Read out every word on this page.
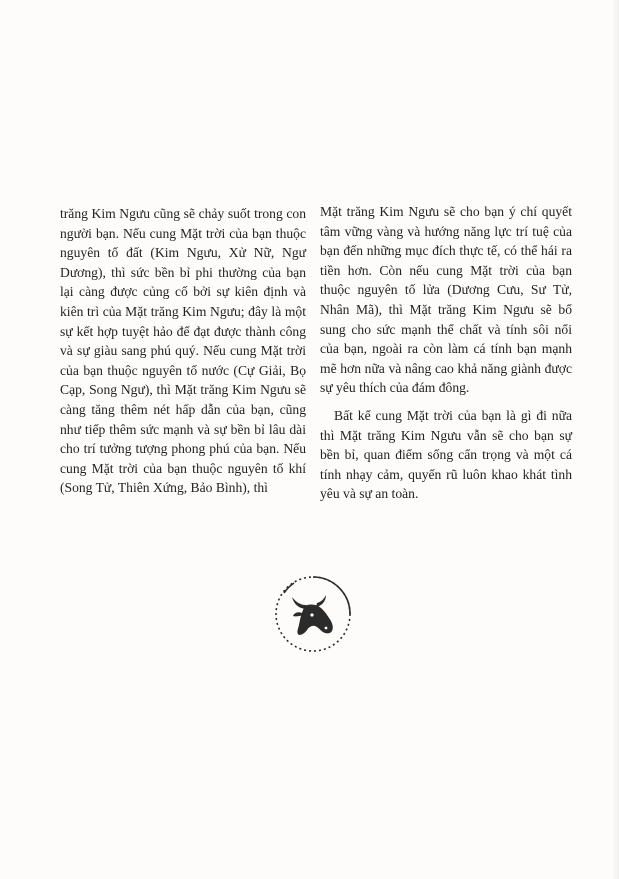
trăng Kim Ngưu cũng sẽ chảy suốt trong con người bạn. Nếu cung Mặt trời của bạn thuộc nguyên tố đất (Kim Ngưu, Xử Nữ, Ngư Dương), thì sức bền bỉ phi thường của bạn lại càng được củng cố bởi sự kiên định và kiên trì của Mặt trăng Kim Ngưu; đây là một sự kết hợp tuyệt hảo để đạt được thành công và sự giàu sang phú quý. Nếu cung Mặt trời của bạn thuộc nguyên tố nước (Cự Giải, Bọ Cạp, Song Ngư), thì Mặt trăng Kim Ngưu sẽ càng tăng thêm nét hấp dẫn của bạn, cũng như tiếp thêm sức mạnh và sự bền bỉ lâu dài cho trí tưởng tượng phong phú của bạn. Nếu cung Mặt trời của bạn thuộc nguyên tố khí (Song Tử, Thiên Xứng, Bảo Bình), thì

Mặt trăng Kim Ngưu sẽ cho bạn ý chí quyết tâm vững vàng và hướng năng lực trí tuệ của bạn đến những mục đích thực tế, có thể hái ra tiền hơn. Còn nếu cung Mặt trời của bạn thuộc nguyên tố lửa (Dương Cưu, Sư Tử, Nhân Mã), thì Mặt trăng Kim Ngưu sẽ bổ sung cho sức mạnh thể chất và tính sôi nổi của bạn, ngoài ra còn làm cá tính bạn mạnh mẽ hơn nữa và nâng cao khả năng giành được sự yêu thích của đám đông.

Bất kể cung Mặt trời của bạn là gì đi nữa thì Mặt trăng Kim Ngưu vẫn sẽ cho bạn sự bền bỉ, quan điểm sống cẩn trọng và một cá tính nhạy cảm, quyến rũ luôn khao khát tình yêu và sự an toàn.
